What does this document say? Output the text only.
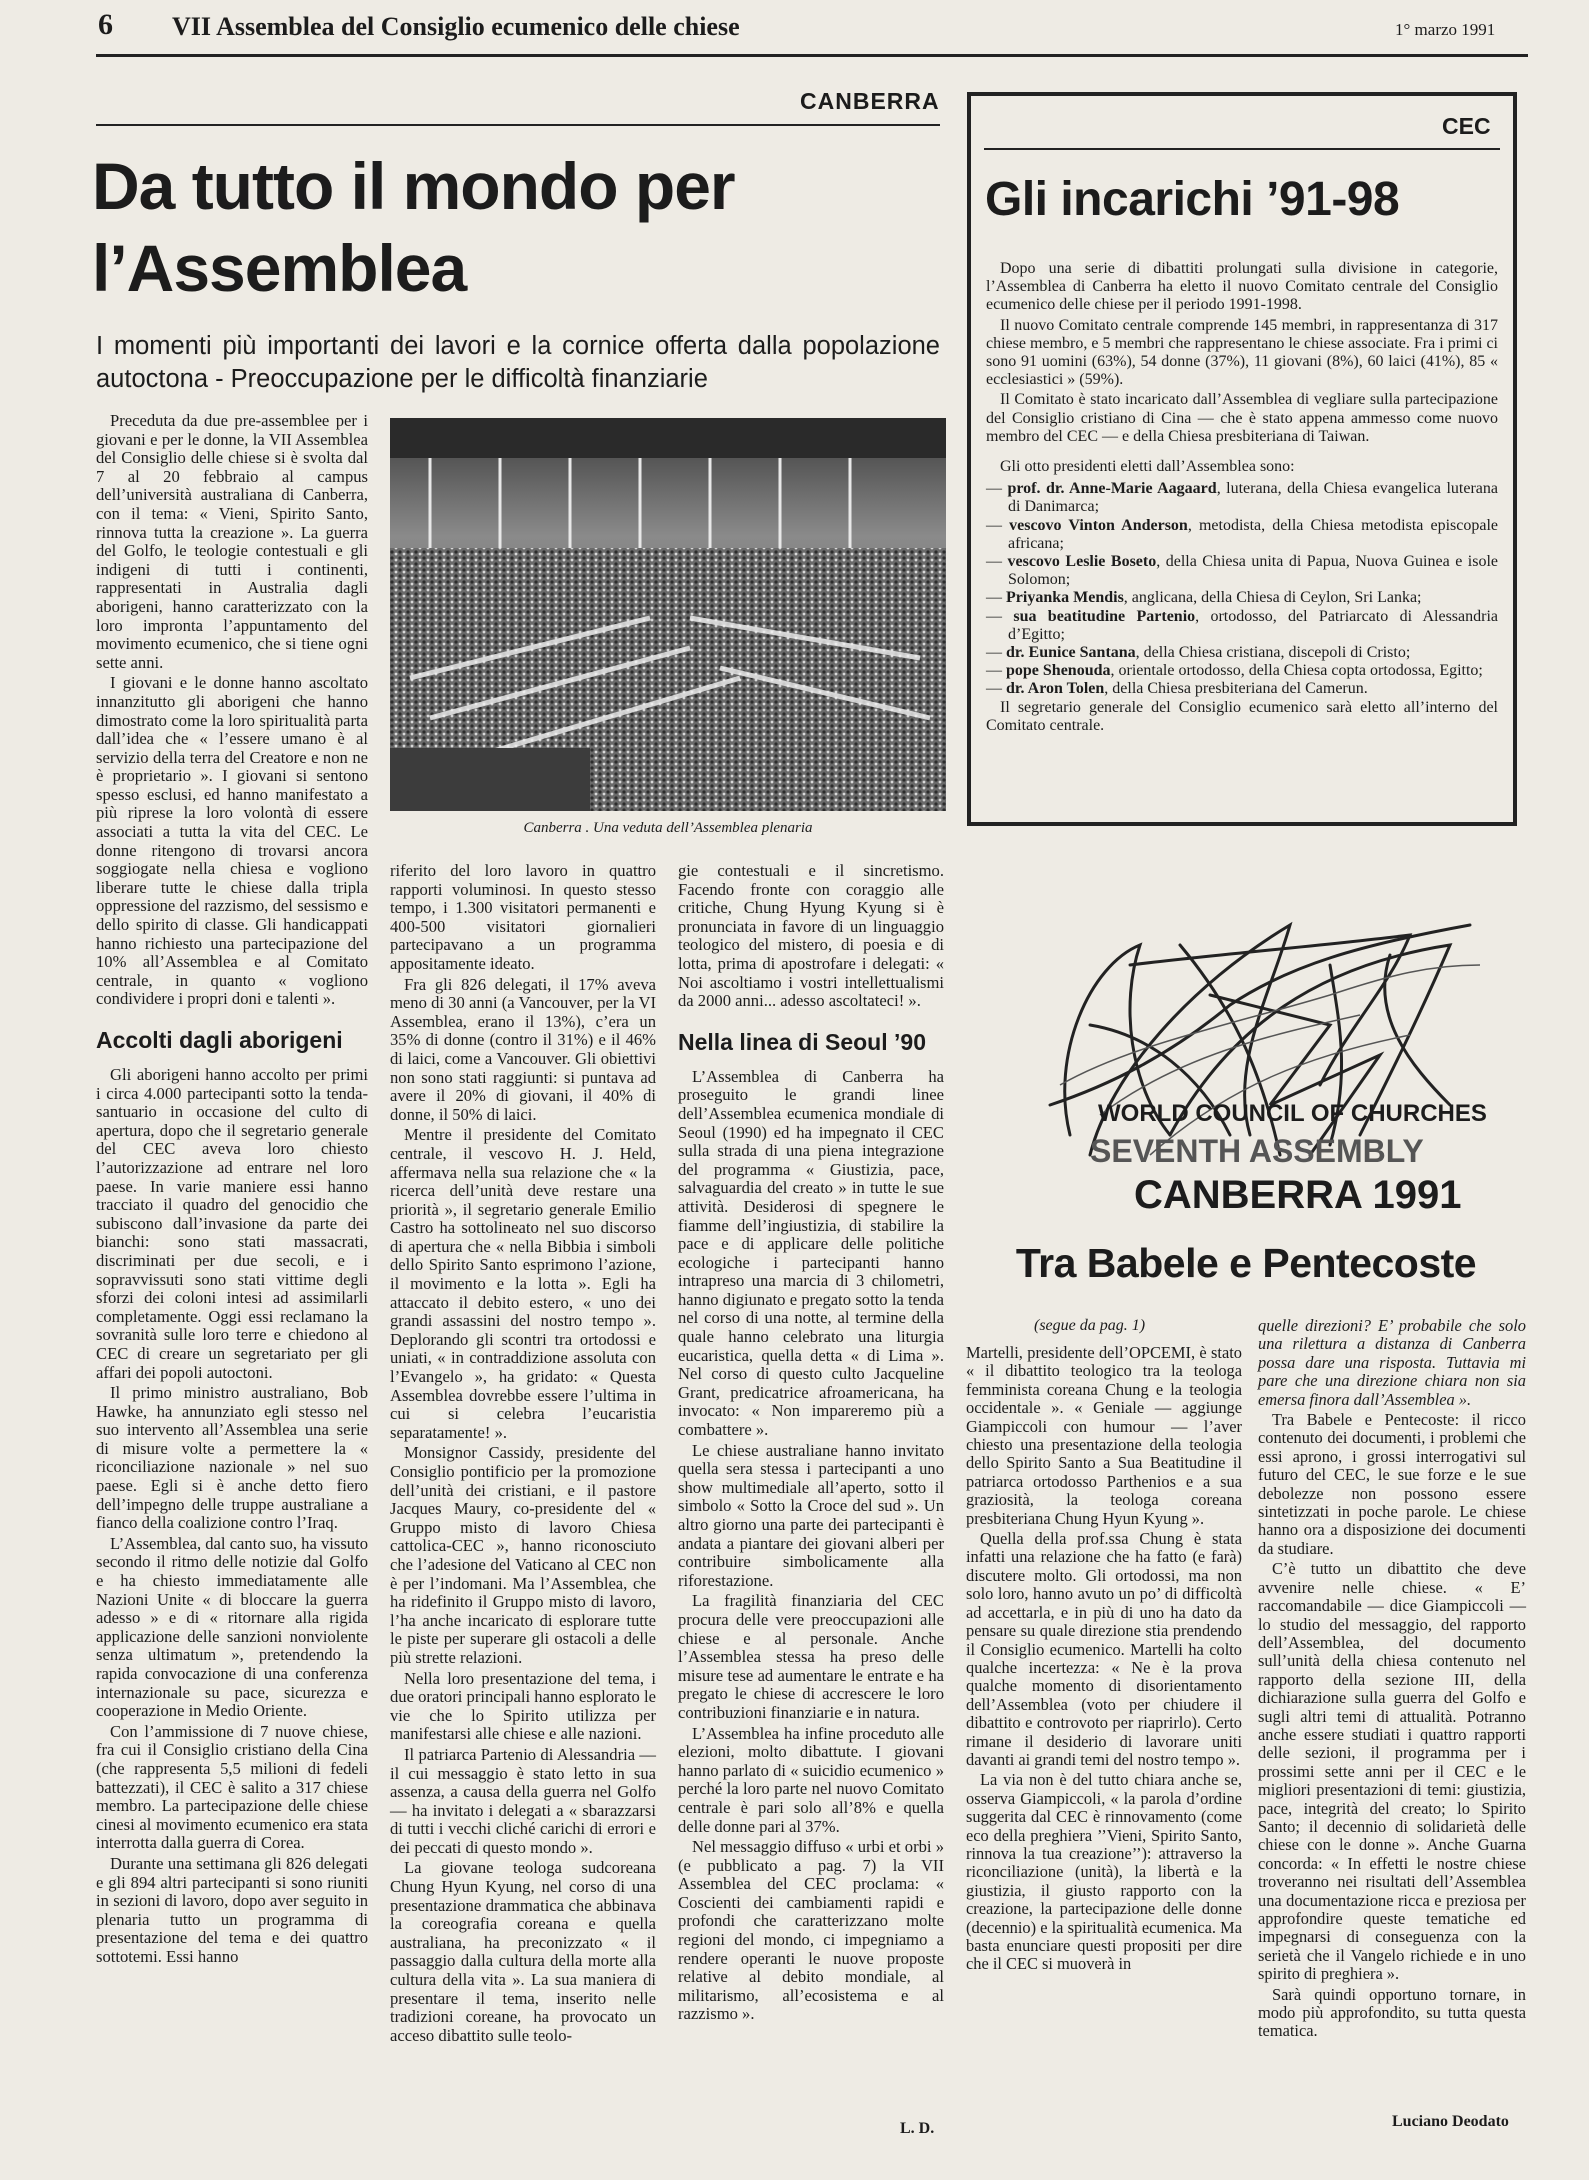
6 VII Assemblea del Consiglio ecumenico delle chiese	1° marzo 1991
CANBERRA
Da tutto il mondo per l’Assemblea
I momenti più importanti dei lavori e la cornice offerta dalla popolazione autoctona - Preoccupazione per le difficoltà finanziarie
Canberra . Una veduta dell’Assemblea plenaria

Preceduta da due pre-assemblee per i giovani e per le donne, la VII Assemblea del Consiglio delle chiese si è svolta dal 7 al 20 febbraio al campus dell’università australiana di Canberra, con il tema: « Vieni, Spirito Santo, rinnova tutta la creazione ». La guerra del Golfo, le teologie contestuali e gli indigeni di tutti i continenti, rappresentati in Australia dagli aborigeni, hanno caratterizzato con la loro impronta l’appuntamento del movimento ecumenico, che si tiene ogni sette anni.

I giovani e le donne hanno ascoltato innanzitutto gli aborigeni che hanno dimostrato come la loro spiritualità parta dall’idea che « l’essere umano è al servizio della terra del Creatore e non ne è proprietario ». I giovani si sentono spesso esclusi, ed hanno manifestato a più riprese la loro volontà di essere associati a tutta la vita del CEC. Le donne ritengono di trovarsi ancora soggiogate nella chiesa e vogliono liberare tutte le chiese dalla tripla oppressione del razzismo, del sessismo e dello spirito di classe. Gli handicappati hanno richiesto una partecipazione del 10% all’Assemblea e al Comitato centrale, in quanto « vogliono condividere i propri doni e talenti ».

Accolti dagli aborigeni

Gli aborigeni hanno accolto per primi i circa 4.000 partecipanti sotto la tenda-santuario in occasione del culto di apertura, dopo che il segretario generale del CEC aveva loro chiesto l’autorizzazione ad entrare nel loro paese. In varie maniere essi hanno tracciato il quadro del genocidio che subiscono dall’invasione da parte dei bianchi: sono stati massacrati, discriminati per due secoli, e i sopravvissuti sono stati vittime degli sforzi dei coloni intesi ad assimilarli completamente. Oggi essi reclamano la sovranità sulle loro terre e chiedono al CEC di creare un segretariato per gli affari dei popoli autoctoni.

Il primo ministro australiano, Bob Hawke, ha annunziato egli stesso nel suo intervento all’Assemblea una serie di misure volte a permettere la « riconciliazione nazionale » nel suo paese. Egli si è anche detto fiero dell’impegno delle truppe australiane a fianco della coalizione contro l’Iraq.

L’Assemblea, dal canto suo, ha vissuto secondo il ritmo delle notizie dal Golfo e ha chiesto immediatamente alle Nazioni Unite « di bloccare la guerra adesso » e di « ritornare alla rigida applicazione delle sanzioni nonviolente senza ultimatum », pretendendo la rapida convocazione di una conferenza internazionale su pace, sicurezza e cooperazione in Medio Oriente.

Con l’ammissione di 7 nuove chiese, fra cui il Consiglio cristiano della Cina (che rappresenta 5,5 milioni di fedeli battezzati), il CEC è salito a 317 chiese membro. La partecipazione delle chiese cinesi al movimento ecumenico era stata interrotta dalla guerra di Corea.

Durante una settimana gli 826 delegati e gli 894 altri partecipanti si sono riuniti in sezioni di lavoro, dopo aver seguito in plenaria tutto un programma di presentazione del tema e dei quattro sottotemi. Essi hanno

riferito del loro lavoro in quattro rapporti voluminosi. In questo stesso tempo, i 1.300 visitatori permanenti e 400-500 visitatori giornalieri partecipavano a un programma appositamente ideato.

Fra gli 826 delegati, il 17% aveva meno di 30 anni (a Vancouver, per la VI Assemblea, erano il 13%), c’era un 35% di donne (contro il 31%) e il 46% di laici, come a Vancouver. Gli obiettivi non sono stati raggiunti: si puntava ad avere il 20% di giovani, il 40% di donne, il 50% di laici.

Mentre il presidente del Comitato centrale, il vescovo H. J. Held, affermava nella sua relazione che « la ricerca dell’unità deve restare una priorità », il segretario generale Emilio Castro ha sottolineato nel suo discorso di apertura che « nella Bibbia i simboli dello Spirito Santo esprimono l’azione, il movimento e la lotta ». Egli ha attaccato il debito estero, « uno dei grandi assassini del nostro tempo ». Deplorando gli scontri tra ortodossi e uniati, « in contraddizione assoluta con l’Evangelo », ha gridato: « Questa Assemblea dovrebbe essere l’ultima in cui si celebra l’eucaristia separatamente! ».

Monsignor Cassidy, presidente del Consiglio pontificio per la promozione dell’unità dei cristiani, e il pastore Jacques Maury, co-presidente del « Gruppo misto di lavoro Chiesa cattolica-CEC », hanno riconosciuto che l’adesione del Vaticano al CEC non è per l’indomani. Ma l’Assemblea, che ha ridefinito il Gruppo misto di lavoro, l’ha anche incaricato di esplorare tutte le piste per superare gli ostacoli a delle più strette relazioni.

Nella loro presentazione del tema, i due oratori principali hanno esplorato le vie che lo Spirito utilizza per manifestarsi alle chiese e alle nazioni.

Il patriarca Partenio di Alessandria — il cui messaggio è stato letto in sua assenza, a causa della guerra nel Golfo — ha invitato i delegati a « sbarazzarsi di tutti i vecchi cliché carichi di errori e dei peccati di questo mondo ».

La giovane teologa sudcoreana Chung Hyun Kyung, nel corso di una presentazione drammatica che abbinava la coreografia coreana e quella australiana, ha preconizzato « il passaggio dalla cultura della morte alla cultura della vita ». La sua maniera di presentare il tema, inserito nelle tradizioni coreane, ha provocato un acceso dibattito sulle teolo-

gie contestuali e il sincretismo. Facendo fronte con coraggio alle critiche, Chung Hyung Kyung si è pronunciata in favore di un linguaggio teologico del mistero, di poesia e di lotta, prima di apostrofare i delegati: « Noi ascoltiamo i vostri intellettualismi da 2000 anni... adesso ascoltateci! ».

Nella linea di Seoul ’90

L’Assemblea di Canberra ha proseguito le grandi linee dell’Assemblea ecumenica mondiale di Seoul (1990) ed ha impegnato il CEC sulla strada di una piena integrazione del programma « Giustizia, pace, salvaguardia del creato » in tutte le sue attività. Desiderosi di spegnere le fiamme dell’ingiustizia, di stabilire la pace e di applicare delle politiche ecologiche i partecipanti hanno intrapreso una marcia di 3 chilometri, hanno digiunato e pregato sotto la tenda nel corso di una notte, al termine della quale hanno celebrato una liturgia eucaristica, quella detta « di Lima ». Nel corso di questo culto Jacqueline Grant, predicatrice afroamericana, ha invocato: « Non impareremo più a combattere ».

Le chiese australiane hanno invitato quella sera stessa i partecipanti a uno show multimediale all’aperto, sotto il simbolo « Sotto la Croce del sud ». Un altro giorno una parte dei partecipanti è andata a piantare dei giovani alberi per contribuire simbolicamente alla riforestazione.

La fragilità finanziaria del CEC procura delle vere preoccupazioni alle chiese e al personale. Anche l’Assemblea stessa ha preso delle misure tese ad aumentare le entrate e ha pregato le chiese di accrescere le loro contribuzioni finanziarie e in natura.

L’Assemblea ha infine proceduto alle elezioni, molto dibattute. I giovani hanno parlato di « suicidio ecumenico » perché la loro parte nel nuovo Comitato centrale è pari solo all’8% e quella delle donne pari al 37%.

Nel messaggio diffuso « urbi et orbi » (e pubblicato a pag. 7) la VII Assemblea del CEC proclama: « Coscienti dei cambiamenti rapidi e profondi che caratterizzano molte regioni del mondo, ci impegniamo a rendere operanti le nuove proposte relative al debito mondiale, al militarismo, all’ecosistema e al razzismo ».

L. D.
CEC
Gli incarichi ’91-98

Dopo una serie di dibattiti prolungati sulla divisione in categorie, l’Assemblea di Canberra ha eletto il nuovo Comitato centrale del Consiglio ecumenico delle chiese per il periodo 1991-1998.

Il nuovo Comitato centrale comprende 145 membri, in rappresentanza di 317 chiese membro, e 5 membri che rappresentano le chiese associate. Fra i primi ci sono 91 uomini (63%), 54 donne (37%), 11 giovani (8%), 60 laici (41%), 85 « ecclesiastici » (59%).

Il Comitato è stato incaricato dall’Assemblea di vegliare sulla partecipazione del Consiglio cristiano di Cina — che è stato appena ammesso come nuovo membro del CEC — e della Chiesa presbiteriana di Taiwan.

Gli otto presidenti eletti dall’Assemblea sono:

— prof. dr. Anne-Marie Aagaard, luterana, della Chiesa evangelica luterana di Danimarca;
— vescovo Vinton Anderson, metodista, della Chiesa metodista episcopale africana;
— vescovo Leslie Boseto, della Chiesa unita di Papua, Nuova Guinea e isole Solomon;
— Priyanka Mendis, anglicana, della Chiesa di Ceylon, Sri Lanka;
— sua beatitudine Partenio, ortodosso, del Patriarcato di Alessandria d’Egitto;
— dr. Eunice Santana, della Chiesa cristiana, discepoli di Cristo;
— pope Shenouda, orientale ortodosso, della Chiesa copta ortodossa, Egitto;
— dr. Aron Tolen, della Chiesa presbiteriana del Camerun.

Il segretario generale del Consiglio ecumenico sarà eletto all’interno del Comitato centrale.

WORLD COUNCIL OF CHURCHES
SEVENTH ASSEMBLY
CANBERRA 1991
Tra Babele e Pentecoste
(segue da pag. 1)

Martelli, presidente dell’OPCEMI, è stato « il dibattito teologico tra la teologa femminista coreana Chung e la teologia occidentale ». « Geniale — aggiunge Giampiccoli con humour — l’aver chiesto una presentazione della teologia dello Spirito Santo a Sua Beatitudine il patriarca ortodosso Parthenios e a sua graziosità, la teologa coreana presbiteriana Chung Hyun Kyung ».

Quella della prof.ssa Chung è stata infatti una relazione che ha fatto (e farà) discutere molto. Gli ortodossi, ma non solo loro, hanno avuto un po’ di difficoltà ad accettarla, e in più di uno ha dato da pensare su quale direzione stia prendendo il Consiglio ecumenico. Martelli ha colto qualche incertezza: « Ne è la prova qualche momento di disorientamento dell’Assemblea (voto per chiudere il dibattito e controvoto per riaprirlo). Certo rimane il desiderio di lavorare uniti davanti ai grandi temi del nostro tempo ».

La via non è del tutto chiara anche se, osserva Giampiccoli, « la parola d’ordine suggerita dal CEC è rinnovamento (come eco della preghiera ’’Vieni, Spirito Santo, rinnova la tua creazione’’): attraverso la riconciliazione (unità), la libertà e la giustizia, il giusto rapporto con la creazione, la partecipazione delle donne (decennio) e la spiritualità ecumenica. Ma basta enunciare questi propositi per dire che il CEC si muoverà in

quelle direzioni? E’ probabile che solo una rilettura a distanza di Canberra possa dare una risposta. Tuttavia mi pare che una direzione chiara non sia emersa finora dall’Assemblea ».

Tra Babele e Pentecoste: il ricco contenuto dei documenti, i problemi che essi aprono, i grossi interrogativi sul futuro del CEC, le sue forze e le sue debolezze non possono essere sintetizzati in poche parole. Le chiese hanno ora a disposizione dei documenti da studiare.

C’è tutto un dibattito che deve avvenire nelle chiese. « E’ raccomandabile — dice Giampiccoli — lo studio del messaggio, del rapporto dell’Assemblea, del documento sull’unità della chiesa contenuto nel rapporto della sezione III, della dichiarazione sulla guerra del Golfo e sugli altri temi di attualità. Potranno anche essere studiati i quattro rapporti delle sezioni, il programma per i prossimi sette anni per il CEC e le migliori presentazioni di temi: giustizia, pace, integrità del creato; lo Spirito Santo; il decennio di solidarietà delle chiese con le donne ». Anche Guarna concorda: « In effetti le nostre chiese troveranno nei risultati dell’Assemblea una documentazione ricca e preziosa per approfondire queste tematiche ed impegnarsi di conseguenza con la serietà che il Vangelo richiede e in uno spirito di preghiera ».

Sarà quindi opportuno tornare, in modo più approfondito, su tutta questa tematica.

Luciano Deodato
